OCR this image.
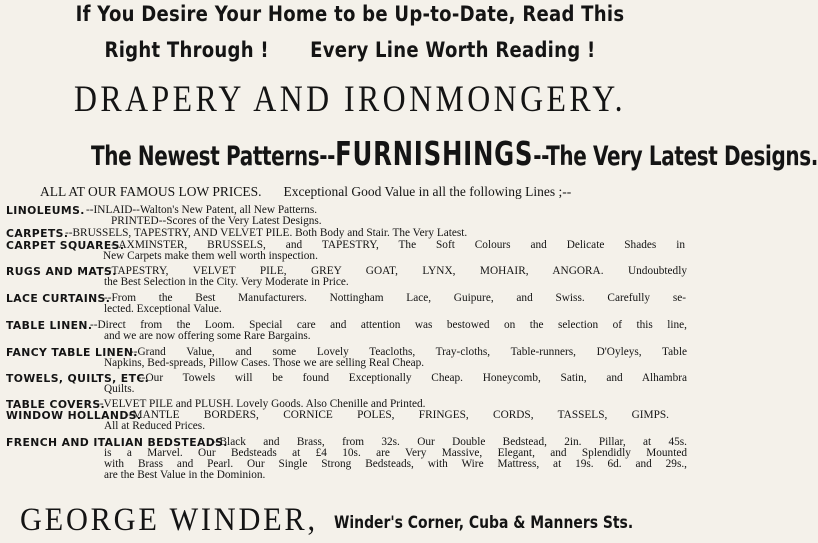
If You Desire Your Home to be Up-to-Date, Read This
Right Through ! Every Line Worth Reading !
DRAPERY AND IRONMONGERY.
The Newest Patterns--FURNISHINGS--The Very Latest Designs.
ALL AT OUR FAMOUS LOW PRICES. Exceptional Good Value in all the following Lines ;--
LINOLEUMS. --INLAID--Walton's New Patent, all New Patterns.
PRINTED--Scores of the Very Latest Designs.
CARPETS.
--BRUSSELS, TAPESTRY, AND VELVET PILE. Both Body and Stair. The Very Latest.
CARPET SQUARES.
--AXMINSTER, BRUSSELS, and TAPESTRY, The Soft Colours and Delicate Shades in
New Carpets make them well worth inspection.
RUGS AND MATS.
--TAPESTRY, VELVET PILE, GREY GOAT, LYNX, MOHAIR, ANGORA. Undoubtedly
the Best Selection in the City. Very Moderate in Price.
LACE CURTAINS.
--From the Best Manufacturers. Nottingham Lace, Guipure, and Swiss. Carefully se-
lected. Exceptional Value.
TABLE LINEN.
--Direct from the Loom. Special care and attention was bestowed on the selection of this line,
and we are now offering some Rare Bargains.
FANCY TABLE LINEN.
--Grand Value, and some Lovely Teacloths, Tray-cloths, Table-runners, D'Oyleys, Table
Napkins, Bed-spreads, Pillow Cases. Those we are selling Real Cheap.
TOWELS, QUILTS, ETC.
--Our Towels will be found Exceptionally Cheap. Honeycomb, Satin, and Alhambra
Quilts.
TABLE COVERS.
--VELVET PILE and PLUSH. Lovely Goods. Also Chenille and Printed.
WINDOW HOLLANDS.
--MANTLE BORDERS, CORNICE POLES, FRINGES, CORDS, TASSELS, GIMPS.
All at Reduced Prices.
FRENCH AND ITALIAN BEDSTEADS.
--Black and Brass, from 32s. Our Double Bedstead, 2in. Pillar, at 45s.
is a Marvel. Our Bedsteads at £4 10s. are Very Massive, Elegant, and Splendidly Mounted
with Brass and Pearl. Our Single Strong Bedsteads, with Wire Mattress, at 19s. 6d. and 29s.,
are the Best Value in the Dominion.
GEORGE WINDER, Winder's Corner, Cuba & Manners Sts.
